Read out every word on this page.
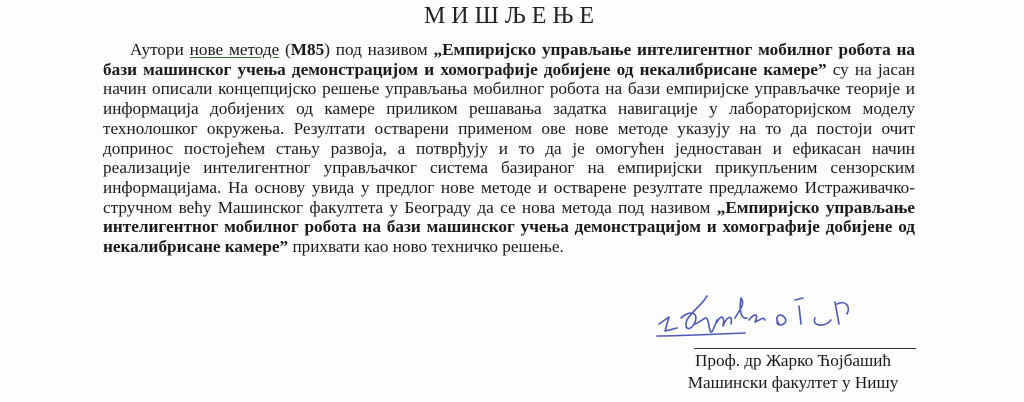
МИШЉЕЊЕ

Аутори нове методе (M85) под називом „Емпиријско управљање интелигентног мобилног робота на бази машинског учења демонстрацијом и хомографије добијене од некалибрисане камере” су на јасан начин описали концепцијско решење управљања мобилног робота на бази емпиријске управљачке теорије и информација добијених од камере приликом решавања задатка навигације у лабораторијском моделу технолошког окружења. Резултати остварени применом ове нове методе указују на то да постоји очит допринос постојећем стању развоја, а потврђују и то да је омогућен једноставан и ефикасан начин реализације интелигентног управљачког система базираног на емпиријски прикупљеним сензорским информацијама. На основу увида у предлог нове методе и остварене резултате предлажемо Истраживачко-стручном већу Машинског факултета у Београду да се нова метода под називом „Емпиријско управљање интелигентног мобилног робота на бази машинског учења демонстрацијом и хомографије добијене од некалибрисане камере” прихвати као ново техничко решење.

Проф. др Жарко Ћојбашић
Машински факултет у Нишу
